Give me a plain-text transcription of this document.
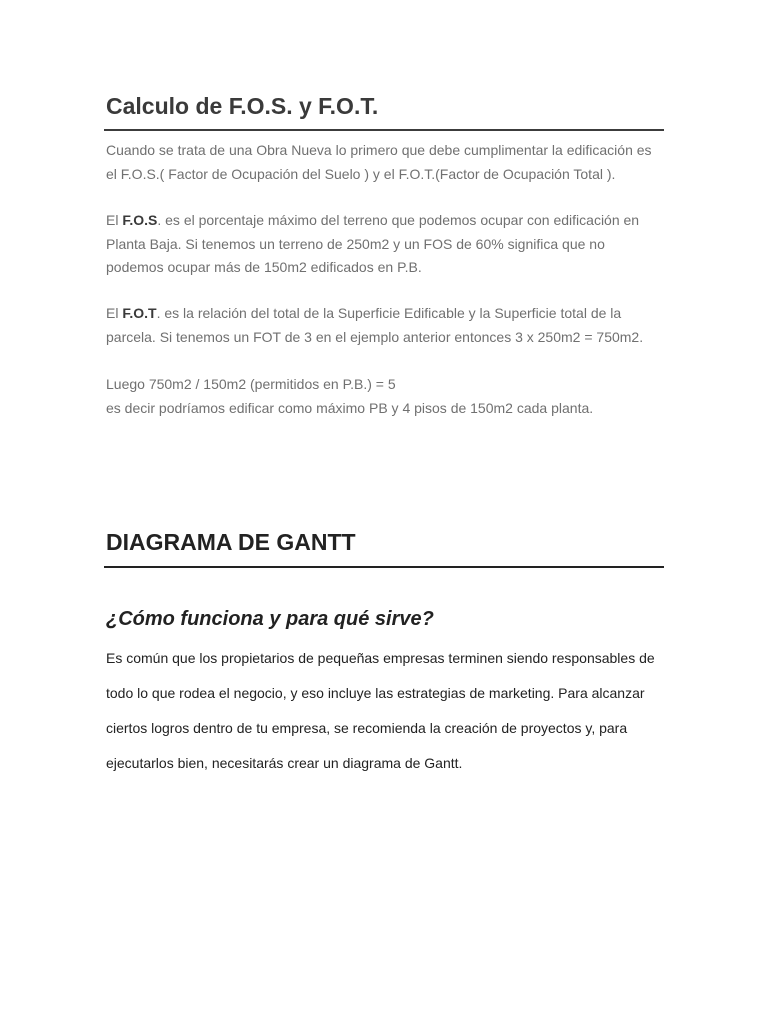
Calculo de F.O.S. y F.O.T.

Cuando se trata de una Obra Nueva lo primero que debe cumplimentar la edificación es el F.O.S.( Factor de Ocupación del Suelo ) y el F.O.T.(Factor de Ocupación Total ).

El F.O.S. es el porcentaje máximo del terreno que podemos ocupar con edificación en Planta Baja. Si tenemos un terreno de 250m2 y un FOS de 60% significa que no podemos ocupar más de 150m2 edificados en P.B.

El F.O.T. es la relación del total de la Superficie Edificable y la Superficie total de la parcela. Si tenemos un FOT de 3 en el ejemplo anterior entonces 3 x 250m2 = 750m2.

Luego 750m2 / 150m2 (permitidos en P.B.) = 5
es decir podríamos edificar como máximo PB y 4 pisos de 150m2 cada planta.
DIAGRAMA DE GANTT
¿Cómo funciona y para qué sirve?

Es común que los propietarios de pequeñas empresas terminen siendo responsables de todo lo que rodea el negocio, y eso incluye las estrategias de marketing. Para alcanzar ciertos logros dentro de tu empresa, se recomienda la creación de proyectos y, para ejecutarlos bien, necesitarás crear un diagrama de Gantt.
